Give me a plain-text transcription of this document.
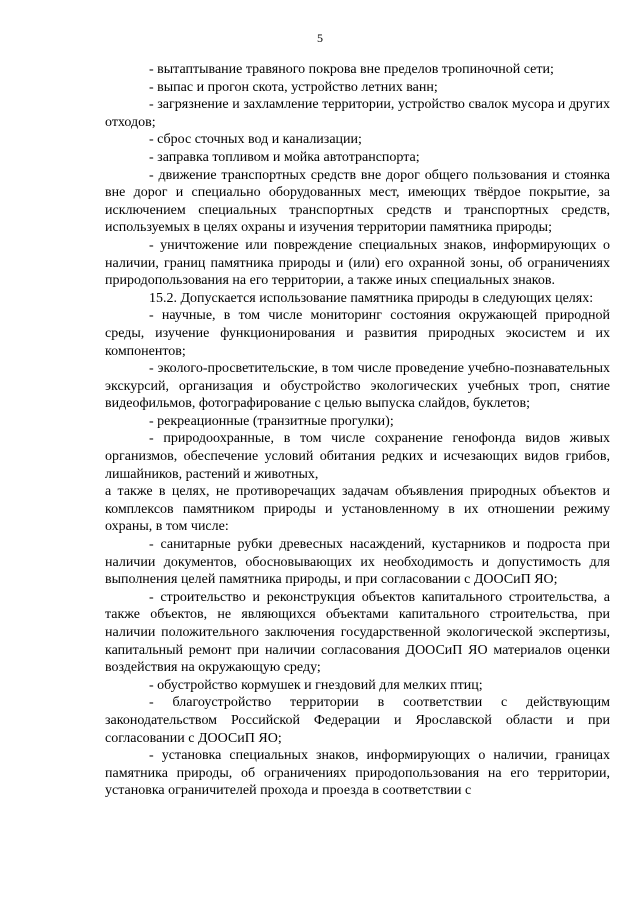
5

- вытаптывание травяного покрова вне пределов тропиночной сети;

- выпас и прогон скота, устройство летних ванн;

- загрязнение и захламление территории, устройство свалок мусора и других отходов;

- сброс сточных вод и канализации;

- заправка топливом и мойка автотранспорта;

- движение транспортных средств вне дорог общего пользования и стоянка вне дорог и специально оборудованных мест, имеющих твёрдое покрытие, за исключением специальных транспортных средств и транспортных средств, используемых в целях охраны и изучения территории памятника природы;

- уничтожение или повреждение специальных знаков, информирующих о наличии, границ памятника природы и (или) его охранной зоны, об ограничениях природопользования на его территории, а также иных специальных знаков.

15.2. Допускается использование памятника природы в следующих целях:

- научные, в том числе мониторинг состояния окружающей природной среды, изучение функционирования и развития природных экосистем и их компонентов;

- эколого-просветительские, в том числе проведение учебно-познавательных экскурсий, организация и обустройство экологических учебных троп, снятие видеофильмов, фотографирование с целью выпуска слайдов, буклетов;

- рекреационные (транзитные прогулки);

- природоохранные, в том числе сохранение генофонда видов живых организмов, обеспечение условий обитания редких и исчезающих видов грибов, лишайников, растений и животных,

а также в целях, не противоречащих задачам объявления природных объектов и комплексов памятником природы и установленному в их отношении режиму охраны, в том числе:

- санитарные рубки древесных насаждений, кустарников и подроста при наличии документов, обосновывающих их необходимость и допустимость для выполнения целей памятника природы, и при согласовании с ДООСиП ЯО;

- строительство и реконструкция объектов капитального строительства, а также объектов, не являющихся объектами капитального строительства, при наличии положительного заключения государственной экологической экспертизы, капитальный ремонт при наличии согласования ДООСиП ЯО материалов оценки воздействия на окружающую среду;

- обустройство кормушек и гнездовий для мелких птиц;

- благоустройство территории в соответствии с действующим законодательством Российской Федерации и Ярославской области и при согласовании с ДООСиП ЯО;

- установка специальных знаков, информирующих о наличии, границах памятника природы, об ограничениях природопользования на его территории, установка ограничителей прохода и проезда в соответствии с
